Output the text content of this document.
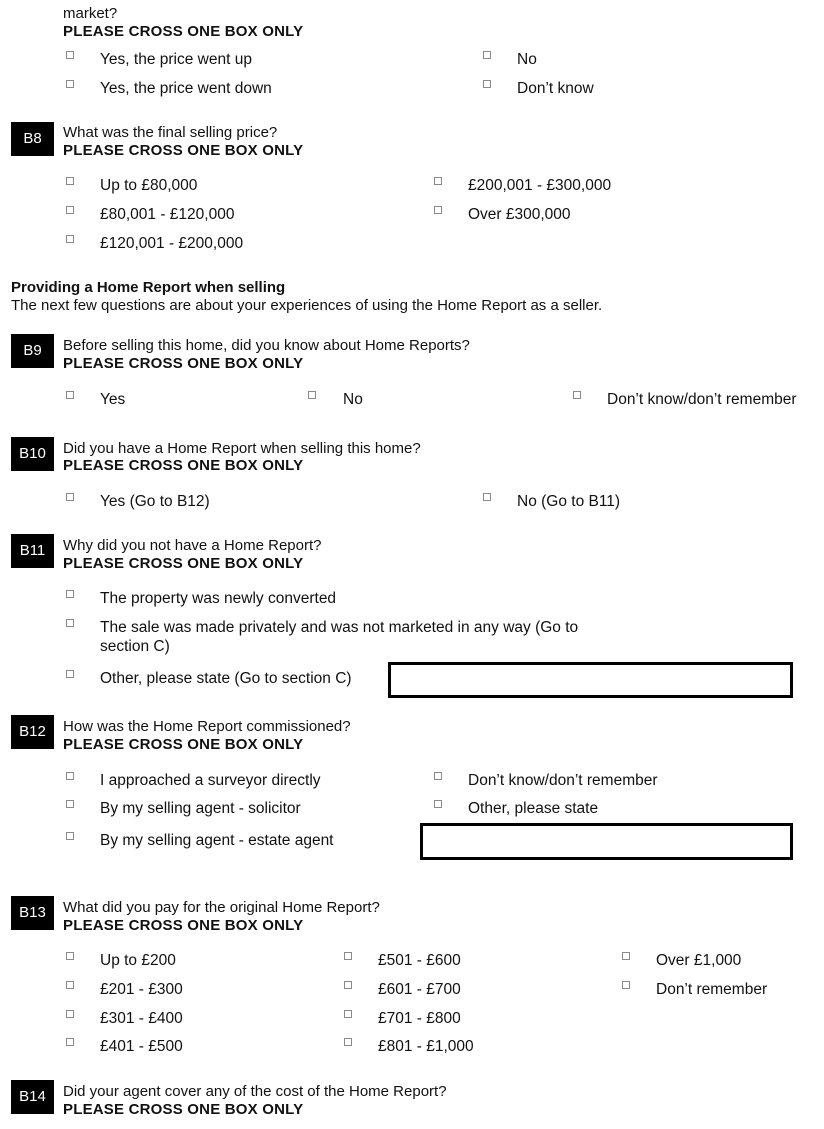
market?
PLEASE CROSS ONE BOX ONLY
Yes, the price went up	No
Yes, the price went down	Don’t know
B8	What was the final selling price?
PLEASE CROSS ONE BOX ONLY
Up to £80,000	£200,001 - £300,000
£80,001 - £120,000	Over £300,000
£120,001 - £200,000
Providing a Home Report when selling
The next few questions are about your experiences of using the Home Report as a seller.
B9	Before selling this home, did you know about Home Reports?
PLEASE CROSS ONE BOX ONLY
Yes	No	Don’t know/don’t remember
B10	Did you have a Home Report when selling this home?
PLEASE CROSS ONE BOX ONLY
Yes (Go to B12)	No (Go to B11)
B11	Why did you not have a Home Report?
PLEASE CROSS ONE BOX ONLY
The property was newly converted
The sale was made privately and was not marketed in any way (Go to
section C)
Other, please state (Go to section C)
B12	How was the Home Report commissioned?
PLEASE CROSS ONE BOX ONLY
I approached a surveyor directly	Don’t know/don’t remember
By my selling agent - solicitor	Other, please state
By my selling agent - estate agent
B13	What did you pay for the original Home Report?
PLEASE CROSS ONE BOX ONLY
Up to £200	£501 - £600	Over £1,000
£201 - £300	£601 - £700	Don’t remember
£301 - £400	£701 - £800
£401 - £500	£801 - £1,000
B14	Did your agent cover any of the cost of the Home Report?
PLEASE CROSS ONE BOX ONLY
